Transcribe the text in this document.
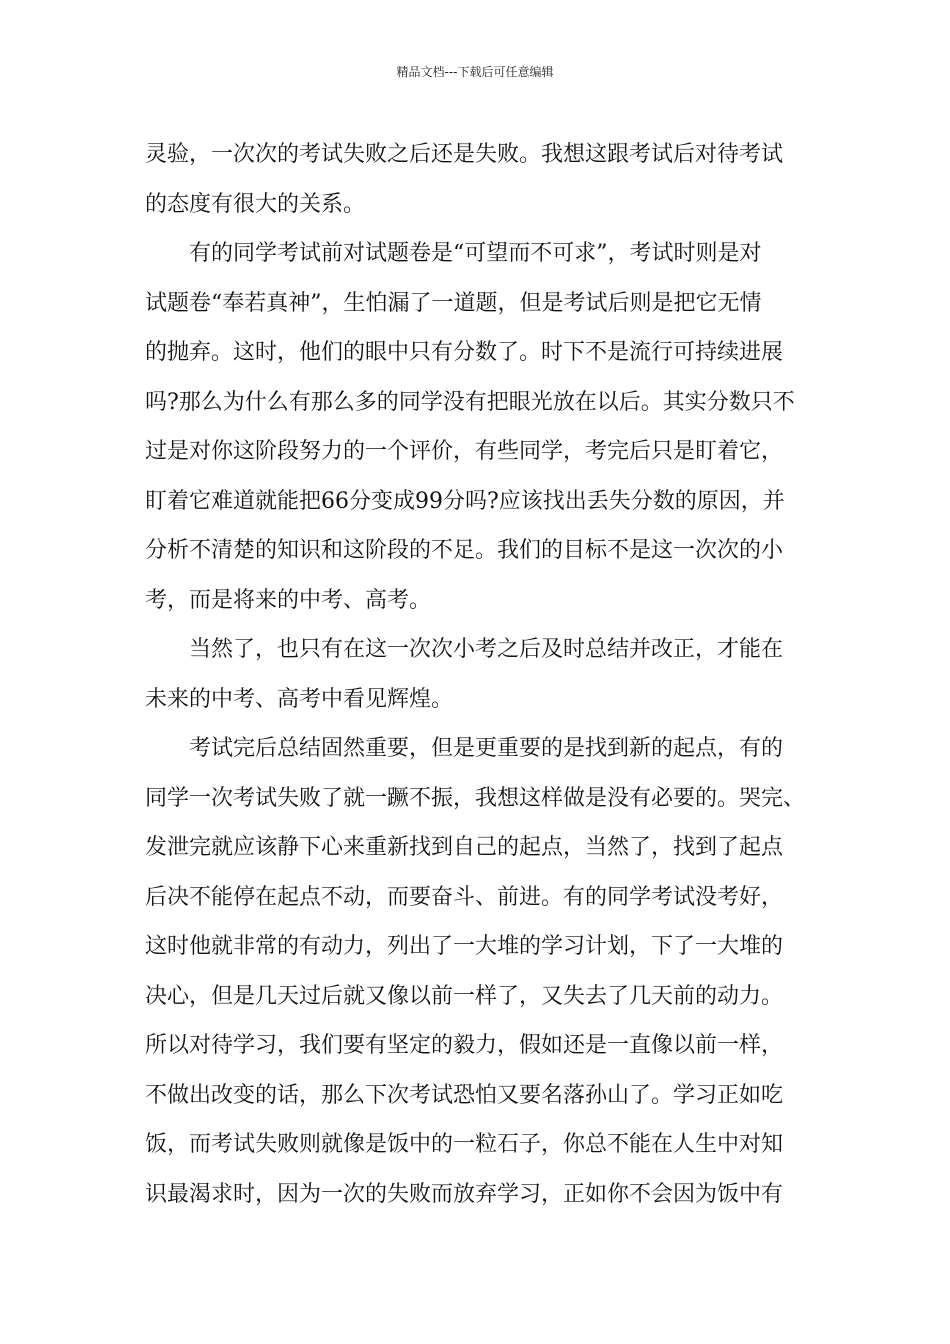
精品文档---下载后可任意编辑
灵验，一次次的考试失败之后还是失败。我想这跟考试后对待考试
的态度有很大的关系。
有的同学考试前对试题卷是“可望而不可求”，考试时则是对
试题卷“奉若真神”，生怕漏了一道题，但是考试后则是把它无情
的抛弃。这时，他们的眼中只有分数了。时下不是流行可持续进展
吗?那么为什么有那么多的同学没有把眼光放在以后。其实分数只不
过是对你这阶段努力的一个评价，有些同学，考完后只是盯着它，
盯着它难道就能把66分变成99分吗?应该找出丢失分数的原因，并
分析不清楚的知识和这阶段的不足。我们的目标不是这一次次的小
考，而是将来的中考、高考。
当然了，也只有在这一次次小考之后及时总结并改正，才能在
未来的中考、高考中看见辉煌。
考试完后总结固然重要，但是更重要的是找到新的起点，有的
同学一次考试失败了就一蹶不振，我想这样做是没有必要的。哭完、
发泄完就应该静下心来重新找到自己的起点，当然了，找到了起点
后决不能停在起点不动，而要奋斗、前进。有的同学考试没考好，
这时他就非常的有动力，列出了一大堆的学习计划，下了一大堆的
决心，但是几天过后就又像以前一样了，又失去了几天前的动力。
所以对待学习，我们要有坚定的毅力，假如还是一直像以前一样，
不做出改变的话，那么下次考试恐怕又要名落孙山了。学习正如吃
饭，而考试失败则就像是饭中的一粒石子，你总不能在人生中对知
识最渴求时，因为一次的失败而放弃学习，正如你不会因为饭中有
